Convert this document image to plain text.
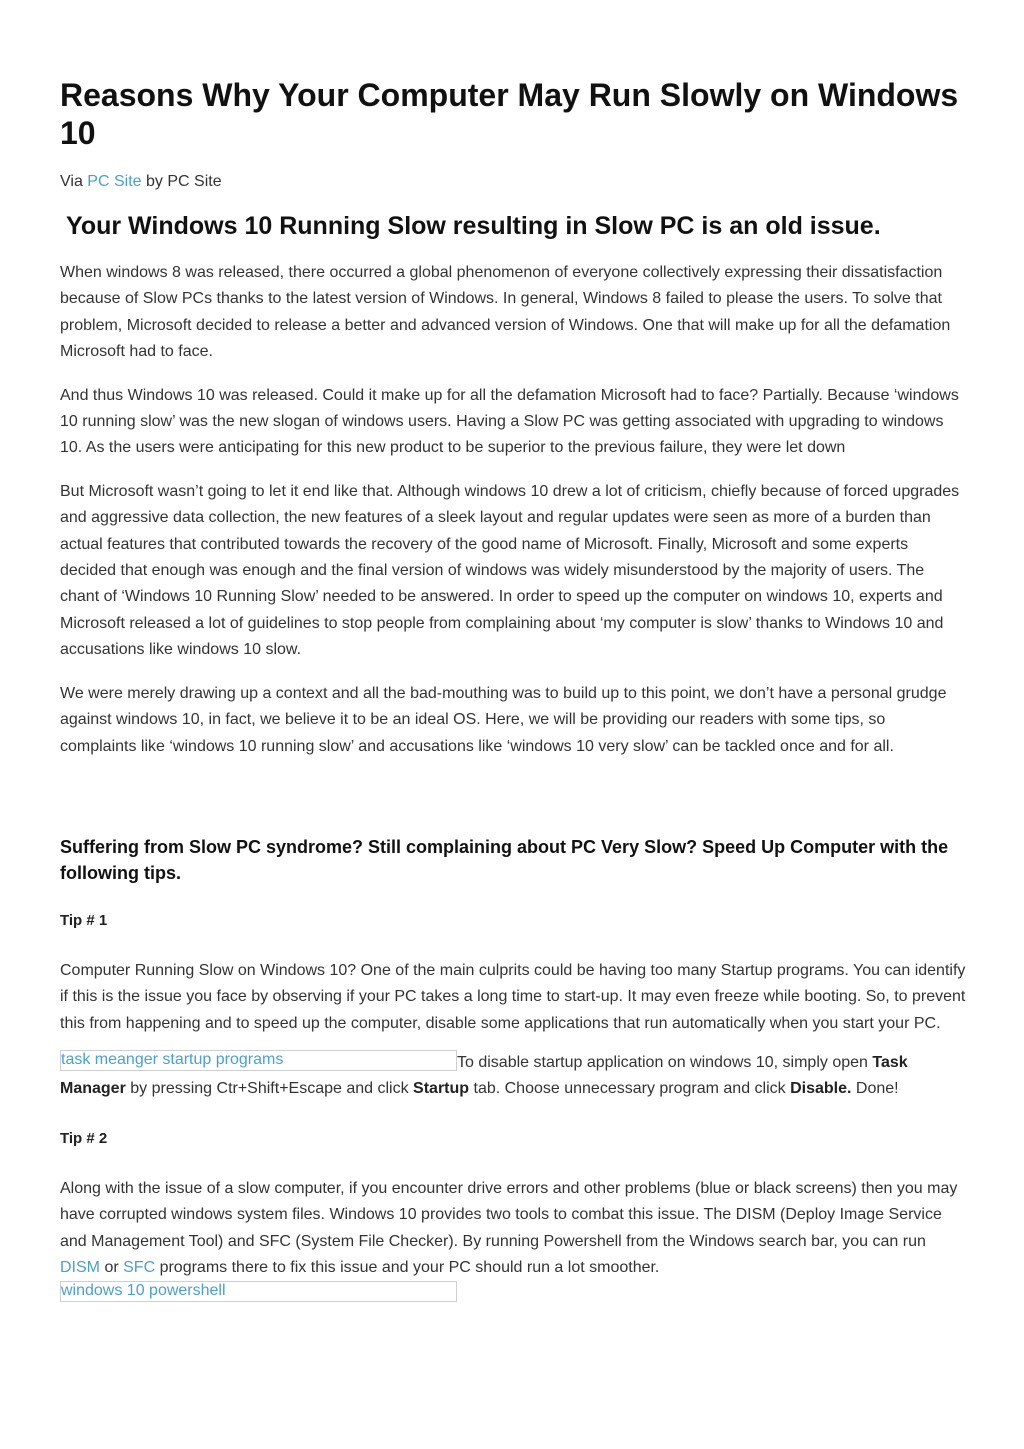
Reasons Why Your Computer May Run Slowly on Windows 10
Via PC Site by PC Site
Your Windows 10 Running Slow resulting in Slow PC is an old issue.

When windows 8 was released, there occurred a global phenomenon of everyone collectively expressing their dissatisfaction because of Slow PCs thanks to the latest version of Windows. In general, Windows 8 failed to please the users. To solve that problem, Microsoft decided to release a better and advanced version of Windows. One that will make up for all the defamation Microsoft had to face.

And thus Windows 10 was released. Could it make up for all the defamation Microsoft had to face? Partially. Because ‘windows 10 running slow’ was the new slogan of windows users. Having a Slow PC was getting associated with upgrading to windows 10. As the users were anticipating for this new product to be superior to the previous failure, they were let down

But Microsoft wasn’t going to let it end like that. Although windows 10 drew a lot of criticism, chiefly because of forced upgrades and aggressive data collection, the new features of a sleek layout and regular updates were seen as more of a burden than actual features that contributed towards the recovery of the good name of Microsoft. Finally, Microsoft and some experts decided that enough was enough and the final version of windows was widely misunderstood by the majority of users. The chant of ‘Windows 10 Running Slow’ needed to be answered. In order to speed up the computer on windows 10, experts and Microsoft released a lot of guidelines to stop people from complaining about ‘my computer is slow’ thanks to Windows 10 and accusations like windows 10 slow.

We were merely drawing up a context and all the bad-mouthing was to build up to this point, we don’t have a personal grudge against windows 10, in fact, we believe it to be an ideal OS. Here, we will be providing our readers with some tips, so complaints like ‘windows 10 running slow’ and accusations like ‘windows 10 very slow’ can be tackled once and for all.

Suffering from Slow PC syndrome? Still complaining about PC Very Slow? Speed Up Computer with the following tips.
Tip # 1

Computer Running Slow on Windows 10? One of the main culprits could be having too many Startup programs. You can identify if this is the issue you face by observing if your PC takes a long time to start-up. It may even freeze while booting. So, to prevent this from happening and to speed up the computer, disable some applications that run automatically when you start your PC.

task meanger startup programs	To disable startup application on windows 10, simply open Task Manager by pressing Ctr+Shift+Escape and click Startup tab. Choose unnecessary program and click Disable. Done!

Tip # 2

Along with the issue of a slow computer, if you encounter drive errors and other problems (blue or black screens) then you may have corrupted windows system files. Windows 10 provides two tools to combat this issue. The DISM (Deploy Image Service and Management Tool) and SFC (System File Checker). By running Powershell from the Windows search bar, you can run DISM or SFC programs there to fix this issue and your PC should run a lot smoother.

windows 10 powershell
